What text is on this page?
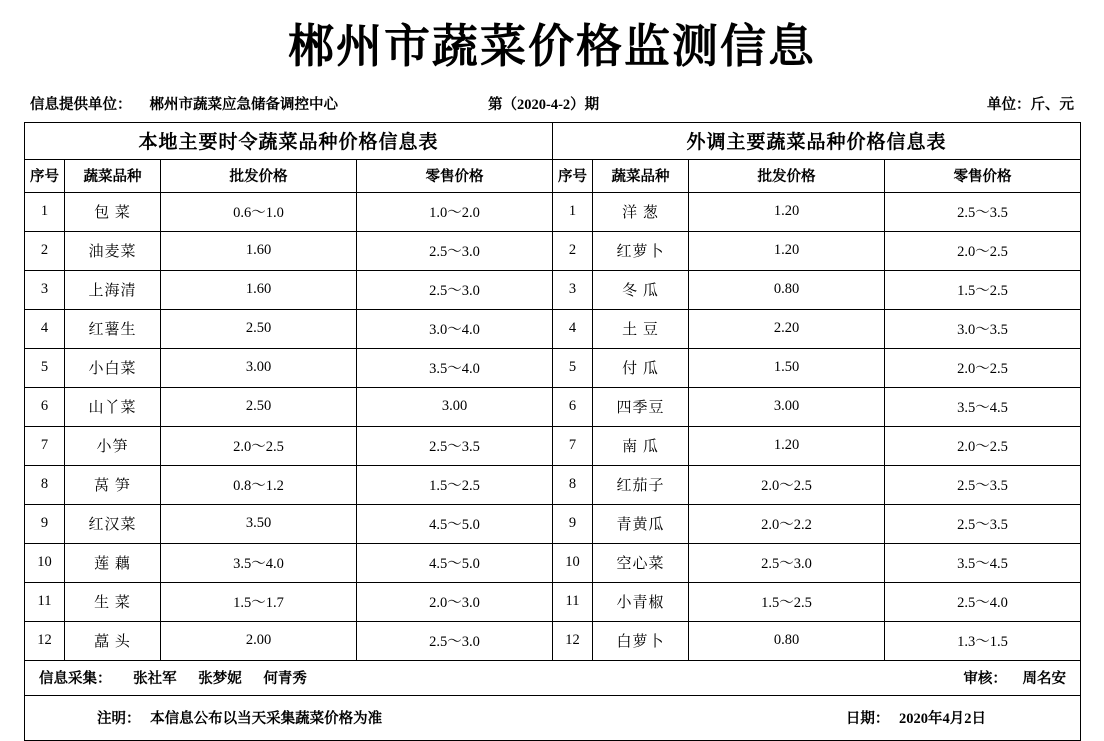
郴州市蔬菜价格监测信息
信息提供单位： 郴州市蔬菜应急储备调控中心	第（2020-4-2）期	单位：斤、元
本地主要时令蔬菜品种价格信息表				外调主要蔬菜品种价格信息表			
序号	蔬菜品种	批发价格	零售价格	序号	蔬菜品种	批发价格	零售价格
1	包 菜	0.6～1.0	1.0～2.0	1	洋 葱	1.20	2.5～3.5
2	油麦菜	1.60	2.5～3.0	2	红萝卜	1.20	2.0～2.5
3	上海清	1.60	2.5～3.0	3	冬 瓜	0.80	1.5～2.5
4	红薯生	2.50	3.0～4.0	4	土 豆	2.20	3.0～3.5
5	小白菜	3.00	3.5～4.0	5	付 瓜	1.50	2.0～2.5
6	山丫菜	2.50	3.00	6	四季豆	3.00	3.5～4.5
7	小笋	2.0～2.5	2.5～3.5	7	南 瓜	1.20	2.0～2.5
8	莴 笋	0.8～1.2	1.5～2.5	8	红茄子	2.0～2.5	2.5～3.5
9	红汉菜	3.50	4.5～5.0	9	青黄瓜	2.0～2.2	2.5～3.5
10	莲 藕	3.5～4.0	4.5～5.0	10	空心菜	2.5～3.0	3.5～4.5
11	生 菜	1.5～1.7	2.0～3.0	11	小青椒	1.5～2.5	2.5～4.0
12	藠 头	2.00	2.5～3.0	12	白萝卜	0.80	1.3～1.5

信息采集： 张社军 张梦妮 何青秀 审核： 周名安							

注明： 本信息公布以当天采集蔬菜价格为准 日期： 2020年4月2日							
